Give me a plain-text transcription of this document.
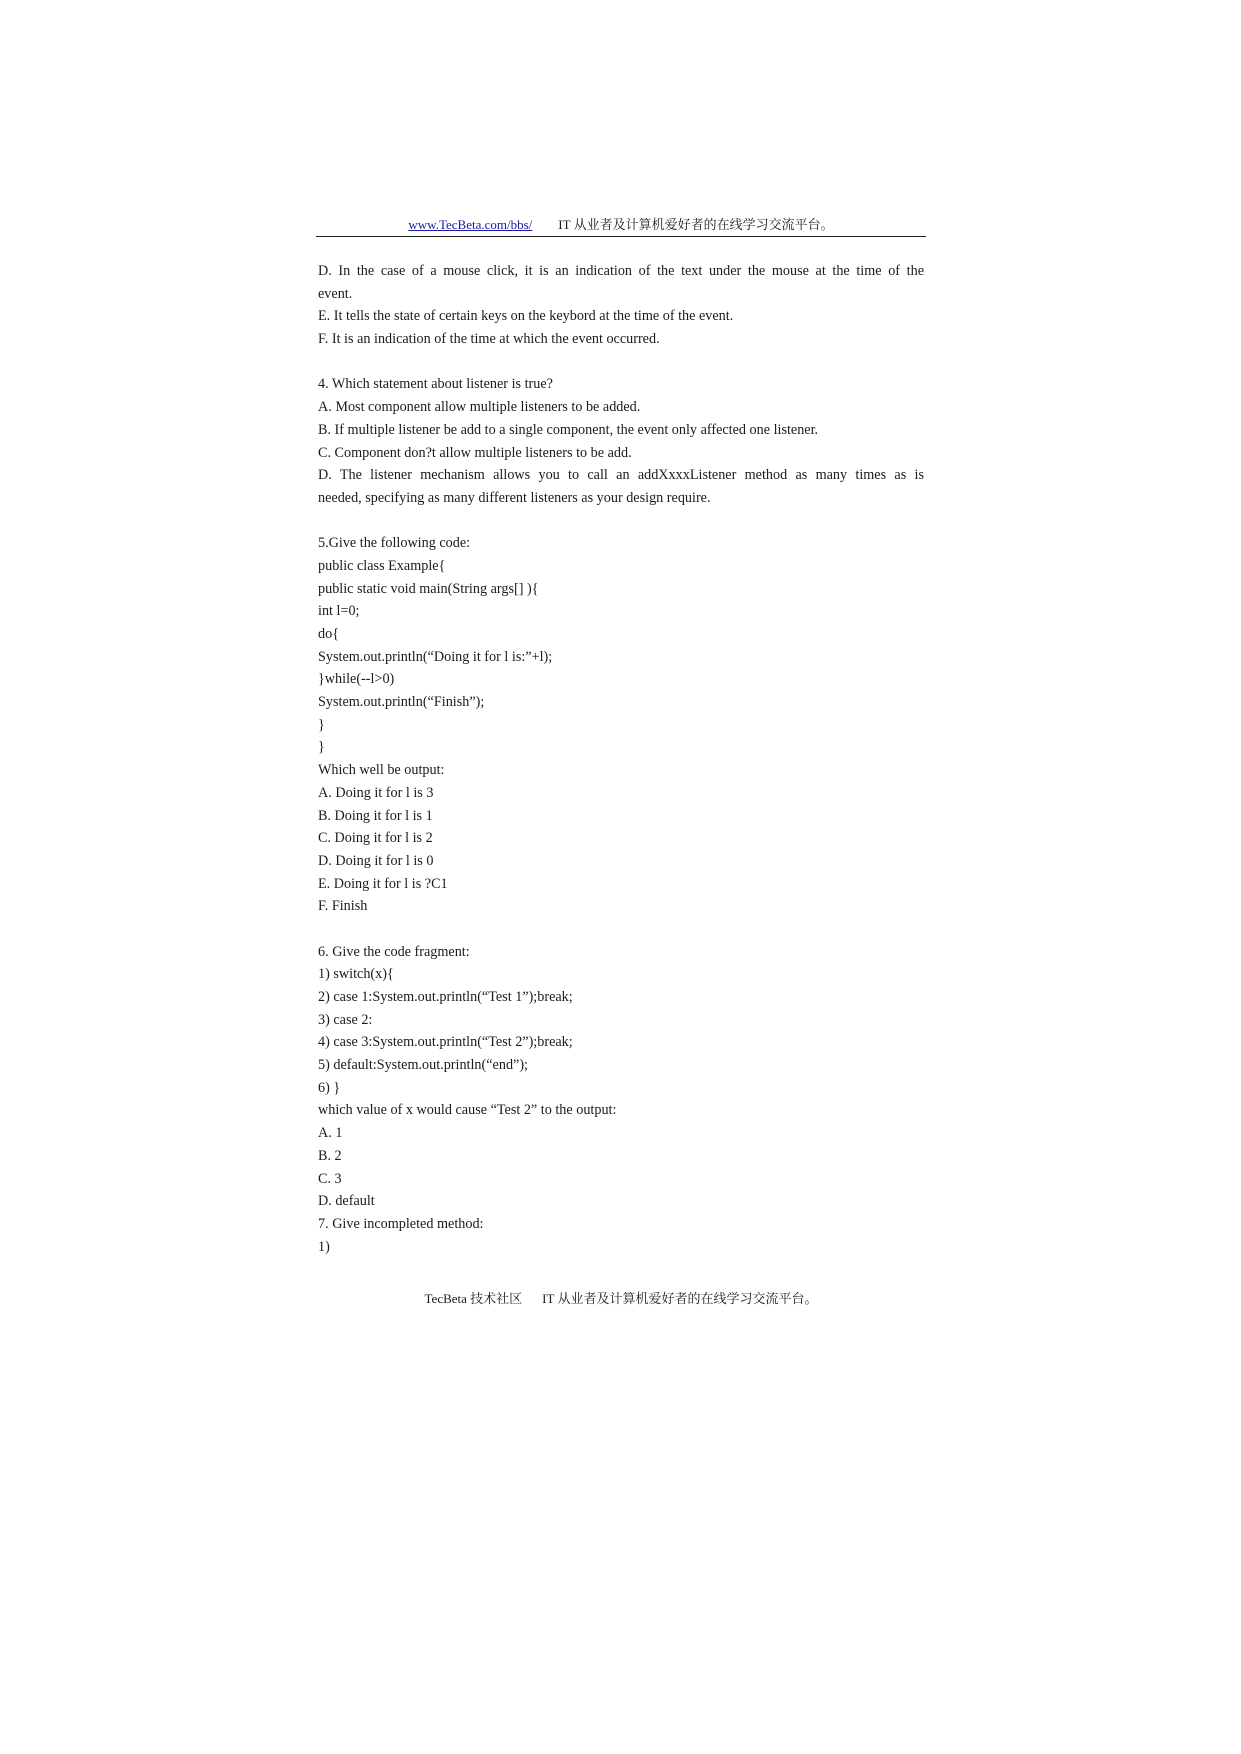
www.TecBeta.com/bbs/ IT 从业者及计算机爱好者的在线学习交流平台。
D. In the case of a mouse click, it is an indication of the text under the mouse at the time of the
event.
E. It tells the state of certain keys on the keybord at the time of the event.
F. It is an indication of the time at which the event occurred.
4. Which statement about listener is true?
A. Most component allow multiple listeners to be added.
B. If multiple listener be add to a single component, the event only affected one listener.
C. Component don?t allow multiple listeners to be add.
D. The listener mechanism allows you to call an addXxxxListener method as many times as is
needed, specifying as many different listeners as your design require.
5.Give the following code:
public class Example{
public static void main(String args[] ){
int l=0;
do{
System.out.println(“Doing it for l is:”+l);
}while(--l>0)
System.out.println(“Finish”);
}
}
Which well be output:
A. Doing it for l is 3
B. Doing it for l is 1
C. Doing it for l is 2
D. Doing it for l is 0
E. Doing it for l is ?C1
F. Finish
6. Give the code fragment:
1) switch(x){
2) case 1:System.out.println(“Test 1”);break;
3) case 2:
4) case 3:System.out.println(“Test 2”);break;
5) default:System.out.println(“end”);
6) }
which value of x would cause “Test 2” to the output:
A. 1
B. 2
C. 3
D. default
7. Give incompleted method:
1)
TecBeta 技术社区 IT 从业者及计算机爱好者的在线学习交流平台。
